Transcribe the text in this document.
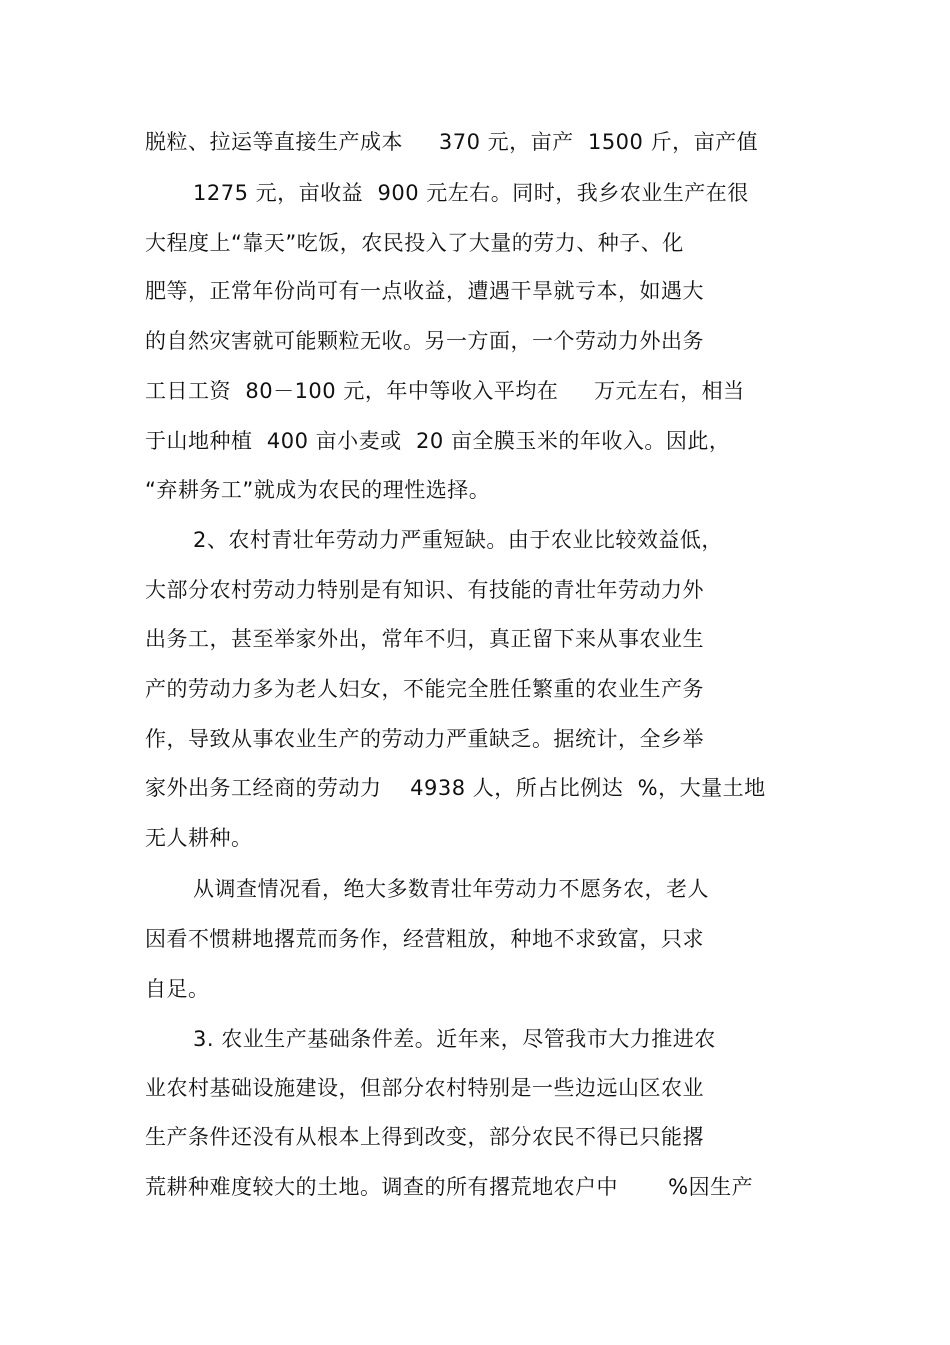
脱粒、拉运等直接生产成本　  370 元，亩产  1500 斤，亩产值
1275 元，亩收益  900 元左右。同时，我乡农业生产在很
大程度上“靠天”吃饭，农民投入了大量的劳力、种子、化
肥等，正常年份尚可有一点收益，遭遇干旱就亏本，如遇大
的自然灾害就可能颗粒无收。另一方面，一个劳动力外出务
工日工资  80－100 元，年中等收入平均在　  万元左右，相当
于山地种植  400 亩小麦或  20 亩全膜玉米的年收入。因此，
“弃耕务工”就成为农民的理性选择。
2、农村青壮年劳动力严重短缺。由于农业比较效益低，
大部分农村劳动力特别是有知识、有技能的青壮年劳动力外
出务工，甚至举家外出，常年不归，真正留下来从事农业生
产的劳动力多为老人妇女，不能完全胜任繁重的农业生产务
作，导致从事农业生产的劳动力严重缺乏。据统计，全乡举
家外出务工经商的劳动力　 4938 人，所占比例达  %，大量土地
无人耕种。
从调查情况看，绝大多数青壮年劳动力不愿务农，老人
因看不惯耕地撂荒而务作，经营粗放，种地不求致富，只求
自足。
3. 农业生产基础条件差。近年来，尽管我市大力推进农
业农村基础设施建设，但部分农村特别是一些边远山区农业
生产条件还没有从根本上得到改变，部分农民不得已只能撂
荒耕种难度较大的土地。调查的所有撂荒地农户中　　 %因生产
